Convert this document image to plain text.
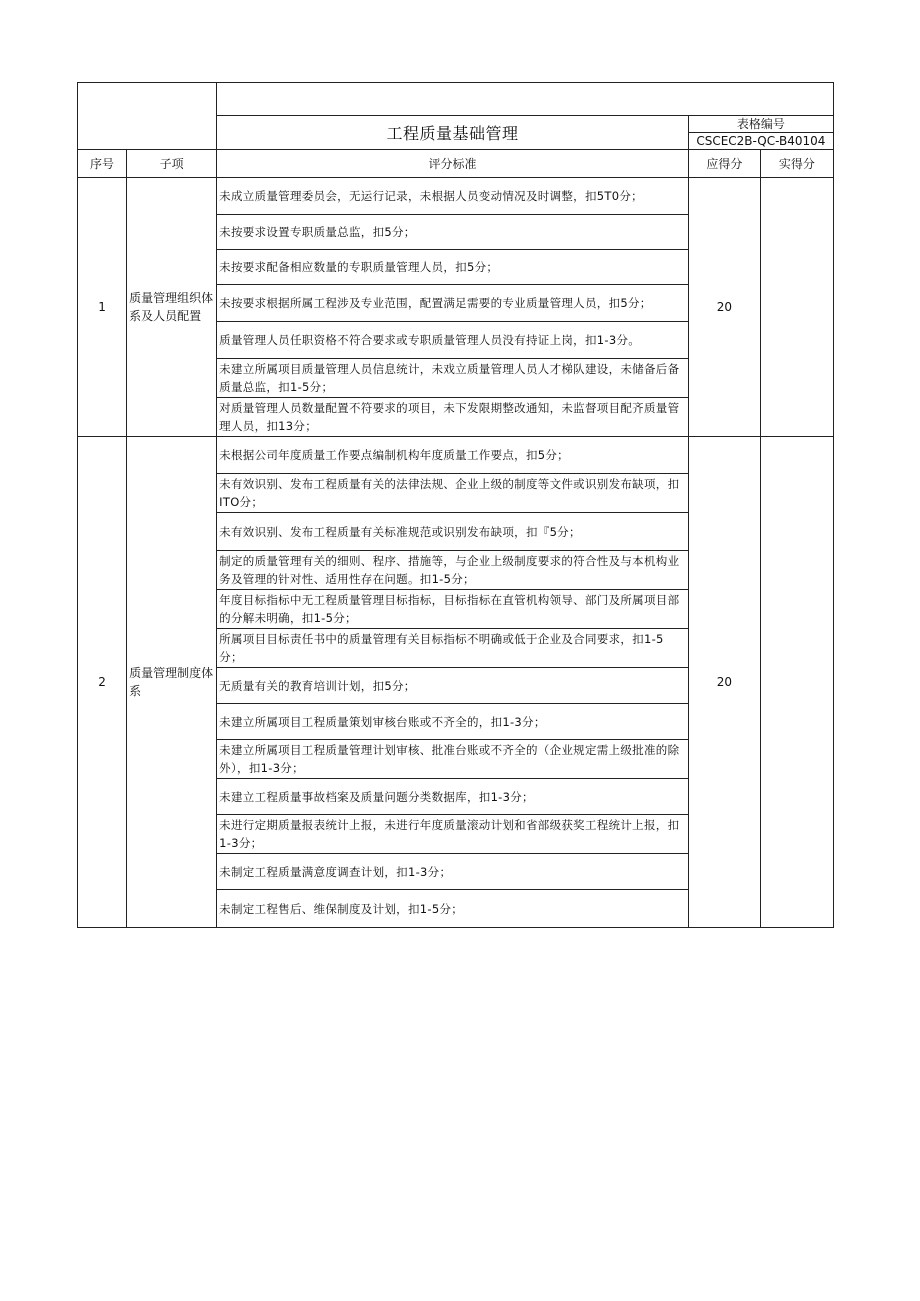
		工程质量基础管理	表格编号	
			CSCEC2B-QC-B40104	
序号	子项	评分标准	应得分	实得分
1	质量管理组织体系及人员配置	未成立质量管理委员会，无运行记录，未根据人员变动情况及时调整，扣5T0分；	20	
		未按要求设置专职质量总监，扣5分；		
		未按要求配备相应数量的专职质量管理人员，扣5分；		
		未按要求根据所属工程涉及专业范围，配置满足需要的专业质量管理人员，扣5分；		
		质量管理人员任职资格不符合要求或专职质量管理人员没有持证上岗，扣1-3分。		
		未建立所属项目质量管理人员信息统计，未戏立质量管理人员人才梯队建设，未储备后备质量总监，扣1-5分；		
		对质量管理人员数量配置不符要求的项目，未下发限期整改通知，未监督项目配齐质量管理人员，扣13分；		
2	质量管理制度体系	未根据公司年度质量工作要点编制机构年度质量工作要点，扣5分；	20	
		未有效识别、发布工程质量有关的法律法规、企业上级的制度等文件或识别发布缺项，扣ITO分；		
		未有效识别、发布工程质量有关标准规范或识别发布缺项，扣『5分；		
		制定的质量管理有关的细则、程序、措施等，与企业上级制度要求的符合性及与本机构业务及管理的针对性、适用性存在问题。扣1-5分；		
		年度目标指标中无工程质量管理目标指标，目标指标在直管机构领导、部门及所属项目部的分解未明确，扣1-5分；		
		所属项目目标责任书中的质量管理有关目标指标不明确或低于企业及合同要求，扣1-5分；		
		无质量有关的教育培训计划，扣5分；		
		未建立所属项目工程质量策划审核台账或不齐全的，扣1-3分；		
		未建立所属项目工程质量管理计划审核、批准台账或不齐全的（企业规定需上级批准的除外），扣1-3分；		
		未建立工程质量事故档案及质量问题分类数据库，扣1-3分；		
		未进行定期质量报表统计上报，未进行年度质量滚动计划和省部级获奖工程统计上报，扣1-3分；		
		未制定工程质量满意度调查计划，扣1-3分；		
		未制定工程售后、维保制度及计划，扣1-5分；		
